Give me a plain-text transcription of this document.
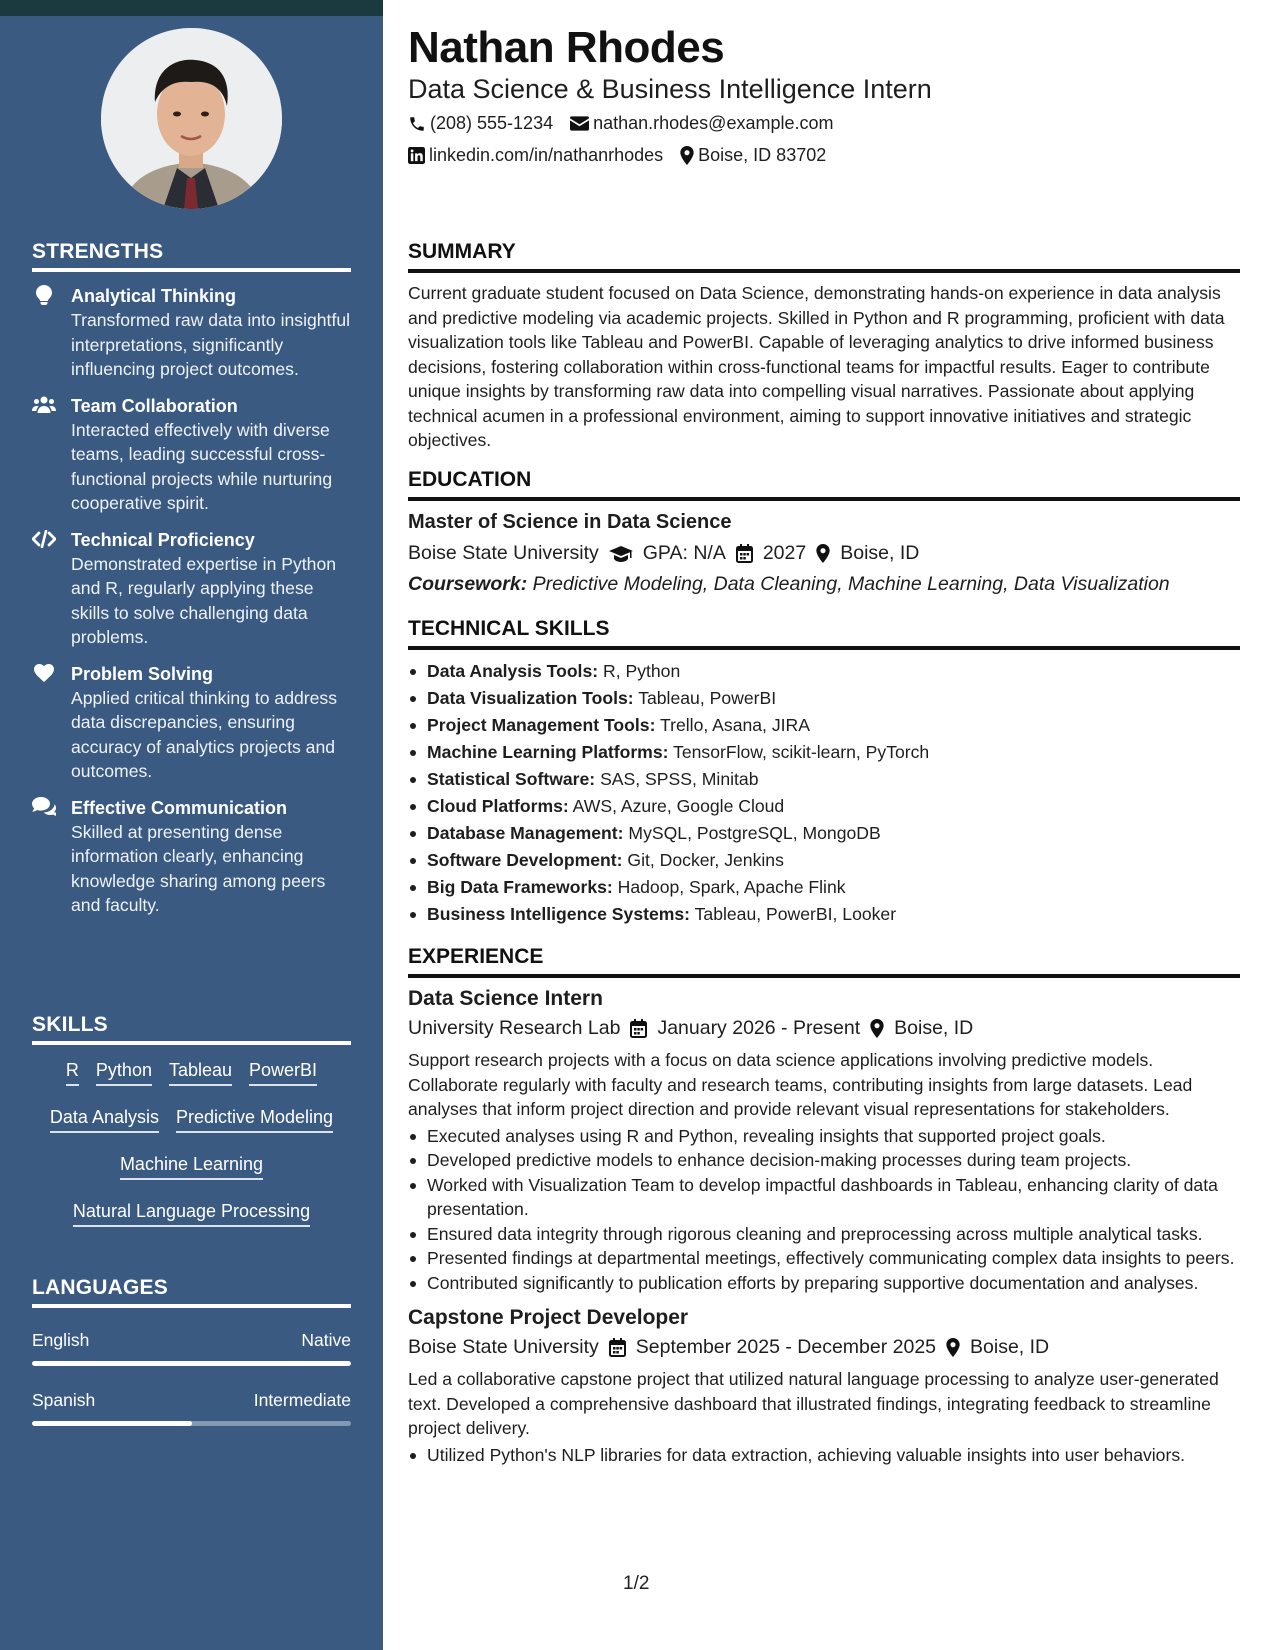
STRENGTHS
Analytical Thinking
Transformed raw data into insightful interpretations, significantly influencing project outcomes.
Team Collaboration
Interacted effectively with diverse teams, leading successful cross-functional projects while nurturing cooperative spirit.
Technical Proficiency
Demonstrated expertise in Python and R, regularly applying these skills to solve challenging data problems.
Problem Solving
Applied critical thinking to address data discrepancies, ensuring accuracy of analytics projects and outcomes.
Effective Communication
Skilled at presenting dense information clearly, enhancing knowledge sharing among peers and faculty.
SKILLS
R Python Tableau PowerBI
Data Analysis Predictive Modeling
Machine Learning
Natural Language Processing
LANGUAGES
English	Native
Spanish	Intermediate
Nathan Rhodes
Data Science & Business Intelligence Intern
(208) 555-1234 nathan.rhodes@example.com
linkedin.com/in/nathanrhodes Boise, ID 83702
SUMMARY

Current graduate student focused on Data Science, demonstrating hands-on experience in data analysis and predictive modeling via academic projects. Skilled in Python and R programming, proficient with data visualization tools like Tableau and PowerBI. Capable of leveraging analytics to drive informed business decisions, fostering collaboration within cross-functional teams for impactful results. Eager to contribute unique insights by transforming raw data into compelling visual narratives. Passionate about applying technical acumen in a professional environment, aiming to support innovative initiatives and strategic objectives.

EDUCATION
Master of Science in Data Science
Boise State University GPA: N/A 2027 Boise, ID
Coursework: Predictive Modeling, Data Cleaning, Machine Learning, Data Visualization
TECHNICAL SKILLS
Data Analysis Tools: R, Python
Data Visualization Tools: Tableau, PowerBI
Project Management Tools: Trello, Asana, JIRA
Machine Learning Platforms: TensorFlow, scikit-learn, PyTorch
Statistical Software: SAS, SPSS, Minitab
Cloud Platforms: AWS, Azure, Google Cloud
Database Management: MySQL, PostgreSQL, MongoDB
Software Development: Git, Docker, Jenkins
Big Data Frameworks: Hadoop, Spark, Apache Flink
Business Intelligence Systems: Tableau, PowerBI, Looker
EXPERIENCE
Data Science Intern
University Research Lab January 2026 - Present Boise, ID

Support research projects with a focus on data science applications involving predictive models. Collaborate regularly with faculty and research teams, contributing insights from large datasets. Lead analyses that inform project direction and provide relevant visual representations for stakeholders.

Executed analyses using R and Python, revealing insights that supported project goals.
Developed predictive models to enhance decision-making processes during team projects.
Worked with Visualization Team to develop impactful dashboards in Tableau, enhancing clarity of data presentation.
Ensured data integrity through rigorous cleaning and preprocessing across multiple analytical tasks.
Presented findings at departmental meetings, effectively communicating complex data insights to peers.
Contributed significantly to publication efforts by preparing supportive documentation and analyses.
Capstone Project Developer
Boise State University September 2025 - December 2025 Boise, ID

Led a collaborative capstone project that utilized natural language processing to analyze user-generated text. Developed a comprehensive dashboard that illustrated findings, integrating feedback to streamline project delivery.

Utilized Python's NLP libraries for data extraction, achieving valuable insights into user behaviors.
1/2
